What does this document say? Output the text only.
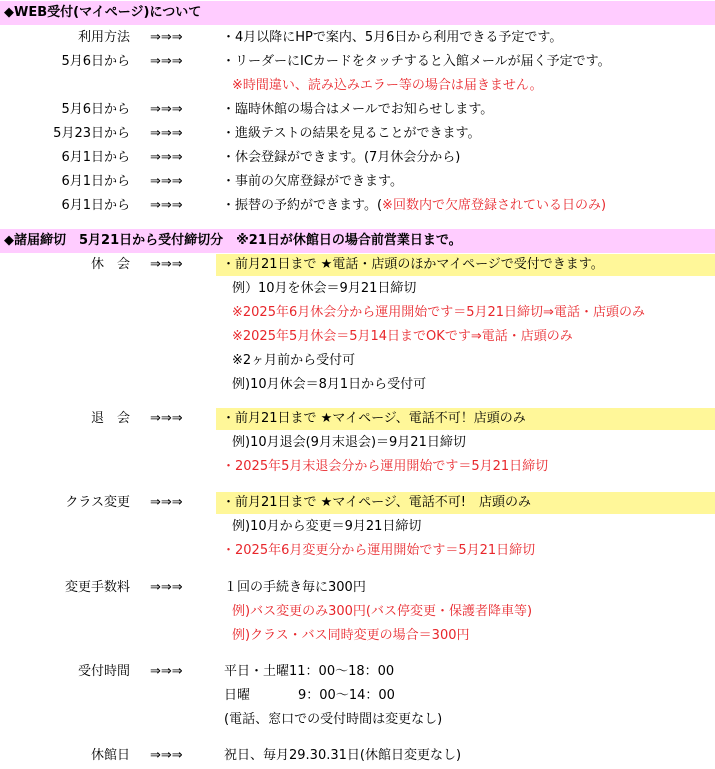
◆WEB受付(マイページ)について
利用方法 ⇒⇒⇒	・4月以降にHPで案内、5月6日から利用できる予定です。
5月6日から ⇒⇒⇒	・リーダーにICカードをタッチすると入館メールが届く予定です。
※時間違い、読み込みエラー等の場合は届きません。
5月6日から ⇒⇒⇒	・臨時休館の場合はメールでお知らせします。
5月23日から ⇒⇒⇒	・進級テストの結果を見ることができます。
6月1日から ⇒⇒⇒	・休会登録ができます。(7月休会分から)
6月1日から ⇒⇒⇒	・事前の欠席登録ができます。
6月1日から ⇒⇒⇒	・振替の予約ができます。(※回数内で欠席登録されている日のみ)
◆諸届締切　5月21日から受付締切分　※21日が休館日の場合前営業日まで。
休　会 ⇒⇒⇒	・前月21日まで ★電話・店頭のほかマイページで受付できます。
例）10月を休会＝9月21日締切
※2025年6月休会分から運用開始です＝5月21日締切⇒電話・店頭のみ
※2025年5月休会＝5月14日までOKです⇒電話・店頭のみ
※2ヶ月前から受付可
例)10月休会＝8月1日から受付可
退　会 ⇒⇒⇒	・前月21日まで ★マイページ、電話不可！店頭のみ
例)10月退会(9月末退会)＝9月21日締切
・2025年5月末退会分から運用開始です＝5月21日締切
クラス変更 ⇒⇒⇒	・前月21日まで ★マイページ、電話不可!　店頭のみ
例)10月から変更＝9月21日締切
・2025年6月変更分から運用開始です＝5月21日締切
変更手数料 ⇒⇒⇒	１回の手続き毎に300円
例)バス変更のみ300円(バス停変更・保護者降車等)
例)クラス・バス同時変更の場合＝300円
受付時間 ⇒⇒⇒	平日・土曜11：00～18：00
日曜	9：00～14：00
(電話、窓口での受付時間は変更なし)
休館日 ⇒⇒⇒	祝日、毎月29.30.31日(休館日変更なし)
